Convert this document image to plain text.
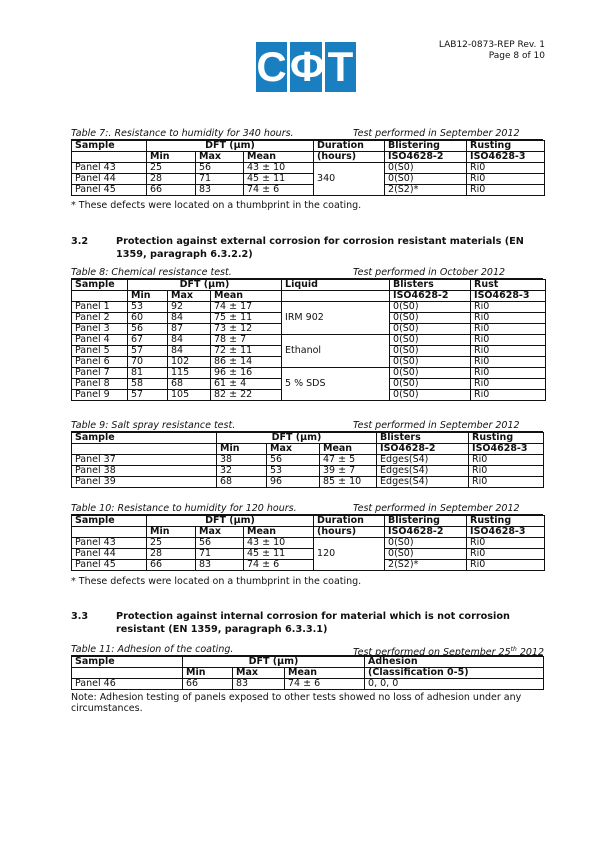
C Φ T	LAB12-0873-REP Rev. 1
Page 8 of 10
Table 7:. Resistance to humidity for 340 hours.	Test performed in September 2012
Sample	DFT (μm)			Duration	Blistering	Rusting
	Min	Max	Mean	(hours)	ISO4628-2	ISO4628-3
Panel 43	25	56	43 ± 10	340	0(S0)	Ri0
Panel 44	28	71	45 ± 11		0(S0)	Ri0
Panel 45	66	83	74 ± 6		2(S2)*	Ri0
* These defects were located on a thumbprint in the coating.
3.2	Protection against external corrosion for corrosion resistant materials (EN 1359, paragraph 6.3.2.2)
Table 8: Chemical resistance test.	Test performed in October 2012
Sample	DFT (μm)			Liquid	Blisters	Rust
	Min	Max	Mean		ISO4628-2	ISO4628-3
Panel 1	53	92	74 ± 17	IRM 902	0(S0)	Ri0
Panel 2	60	84	75 ± 11		0(S0)	Ri0
Panel 3	56	87	73 ± 12		0(S0)	Ri0
Panel 4	67	84	78 ± 7	Ethanol	0(S0)	Ri0
Panel 5	57	84	72 ± 11		0(S0)	Ri0
Panel 6	70	102	86 ± 14		0(S0)	Ri0
Panel 7	81	115	96 ± 16	5 % SDS	0(S0)	Ri0
Panel 8	58	68	61 ± 4		0(S0)	Ri0
Panel 9	57	105	82 ± 22		0(S0)	Ri0
Table 9: Salt spray resistance test.	Test performed in September 2012
Sample	DFT (μm)			Blisters	Rusting
	Min	Max	Mean	ISO4628-2	ISO4628-3
Panel 37	38	56	47 ± 5	Edges(S4)	Ri0
Panel 38	32	53	39 ± 7	Edges(S4)	Ri0
Panel 39	68	96	85 ± 10	Edges(S4)	Ri0
Table 10: Resistance to humidity for 120 hours.	Test performed in September 2012
Sample	DFT (μm)			Duration	Blistering	Rusting
	Min	Max	Mean	(hours)	ISO4628-2	ISO4628-3
Panel 43	25	56	43 ± 10	120	0(S0)	Ri0
Panel 44	28	71	45 ± 11		0(S0)	Ri0
Panel 45	66	83	74 ± 6		2(S2)*	Ri0
* These defects were located on a thumbprint in the coating.
3.3	Protection against internal corrosion for material which is not corrosion resistant (EN 1359, paragraph 6.3.3.1)
Table 11: Adhesion of the coating.	Test performed on September 25th 2012
Sample	DFT (μm)			Adhesion
	Min	Max	Mean	(Classification 0-5)
Panel 46	66	83	74 ± 6	0, 0, 0
Note: Adhesion testing of panels exposed to other tests showed no loss of adhesion under any circumstances.
